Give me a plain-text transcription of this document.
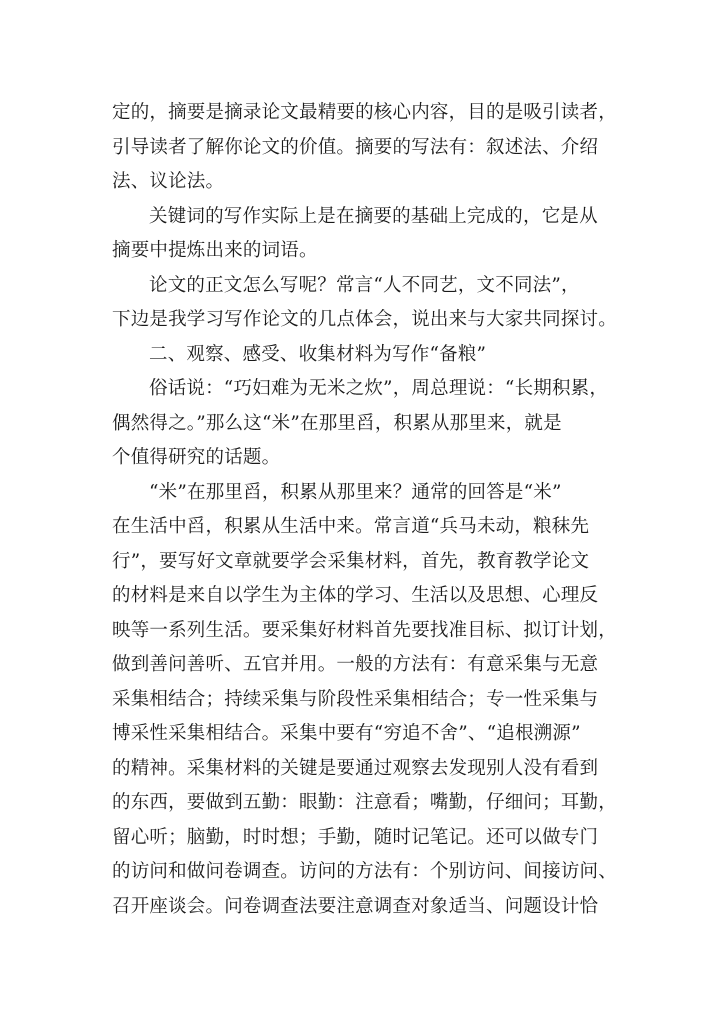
定的，摘要是摘录论文最精要的核心内容，目的是吸引读者，
引导读者了解你论文的价值。摘要的写法有：叙述法、介绍
法、议论法。

关键词的写作实际上是在摘要的基础上完成的，它是从
摘要中提炼出来的词语。

论文的正文怎么写呢？常言“人不同艺，文不同法”，
下边是我学习写作论文的几点体会，说出来与大家共同探讨。

二、观察、感受、收集材料为写作“备粮”

俗话说：“巧妇难为无米之炊”，周总理说：“长期积累，
偶然得之。”那么这“米”在那里舀，积累从那里来，就是
个值得研究的话题。

“米”在那里舀，积累从那里来？通常的回答是“米”
在生活中舀，积累从生活中来。常言道“兵马未动，粮秣先
行”，要写好文章就要学会采集材料，首先，教育教学论文
的材料是来自以学生为主体的学习、生活以及思想、心理反
映等一系列生活。要采集好材料首先要找准目标、拟订计划，
做到善问善听、五官并用。一般的方法有：有意采集与无意
采集相结合；持续采集与阶段性采集相结合；专一性采集与
博采性采集相结合。采集中要有“穷追不舍”、“追根溯源”
的精神。采集材料的关键是要通过观察去发现别人没有看到
的东西，要做到五勤：眼勤：注意看；嘴勤，仔细问；耳勤，
留心听；脑勤，时时想；手勤，随时记笔记。还可以做专门
的访问和做问卷调查。访问的方法有：个别访问、间接访问、
召开座谈会。问卷调查法要注意调查对象适当、问题设计恰
